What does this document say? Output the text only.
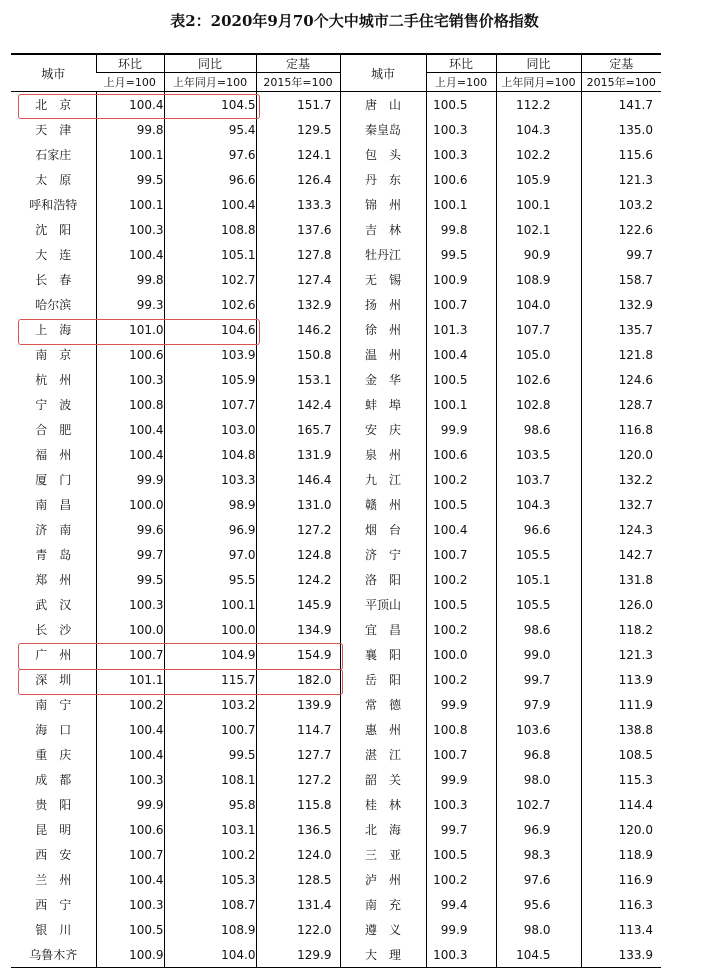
表2：2020年9月70个大中城市二手住宅销售价格指数
城市	环比	同比	定基	城市	环比	同比	定基
	上月=100	上年同月=100	2015年=100		上月=100	上年同月=100	2015年=100
北　京	100.4	104.5	151.7	唐　山	100.5	112.2	141.7
天　津	99.8	95.4	129.5	秦皇岛	100.3	104.3	135.0
石家庄	100.1	97.6	124.1	包　头	100.3	102.2	115.6
太　原	99.5	96.6	126.4	丹　东	100.6	105.9	121.3
呼和浩特	100.1	100.4	133.3	锦　州	100.1	100.1	103.2
沈　阳	100.3	108.8	137.6	吉　林	99.8	102.1	122.6
大　连	100.4	105.1	127.8	牡丹江	99.5	90.9	99.7
长　春	99.8	102.7	127.4	无　锡	100.9	108.9	158.7
哈尔滨	99.3	102.6	132.9	扬　州	100.7	104.0	132.9
上　海	101.0	104.6	146.2	徐　州	101.3	107.7	135.7
南　京	100.6	103.9	150.8	温　州	100.4	105.0	121.8
杭　州	100.3	105.9	153.1	金　华	100.5	102.6	124.6
宁　波	100.8	107.7	142.4	蚌　埠	100.1	102.8	128.7
合　肥	100.4	103.0	165.7	安　庆	99.9	98.6	116.8
福　州	100.4	104.8	131.9	泉　州	100.6	103.5	120.0
厦　门	99.9	103.3	146.4	九　江	100.2	103.7	132.2
南　昌	100.0	98.9	131.0	赣　州	100.5	104.3	132.7
济　南	99.6	96.9	127.2	烟　台	100.4	96.6	124.3
青　岛	99.7	97.0	124.8	济　宁	100.7	105.5	142.7
郑　州	99.5	95.5	124.2	洛　阳	100.2	105.1	131.8
武　汉	100.3	100.1	145.9	平顶山	100.5	105.5	126.0
长　沙	100.0	100.0	134.9	宜　昌	100.2	98.6	118.2
广　州	100.7	104.9	154.9	襄　阳	100.0	99.0	121.3
深　圳	101.1	115.7	182.0	岳　阳	100.2	99.7	113.9
南　宁	100.2	103.2	139.9	常　德	99.9	97.9	111.9
海　口	100.4	100.7	114.7	惠　州	100.8	103.6	138.8
重　庆	100.4	99.5	127.7	湛　江	100.7	96.8	108.5
成　都	100.3	108.1	127.2	韶　关	99.9	98.0	115.3
贵　阳	99.9	95.8	115.8	桂　林	100.3	102.7	114.4
昆　明	100.6	103.1	136.5	北　海	99.7	96.9	120.0
西　安	100.7	100.2	124.0	三　亚	100.5	98.3	118.9
兰　州	100.4	105.3	128.5	泸　州	100.2	97.6	116.9
西　宁	100.3	108.7	131.4	南　充	99.4	95.6	116.3
银　川	100.5	108.9	122.0	遵　义	99.9	98.0	113.4
乌鲁木齐	100.9	104.0	129.9	大　理	100.3	104.5	133.9
